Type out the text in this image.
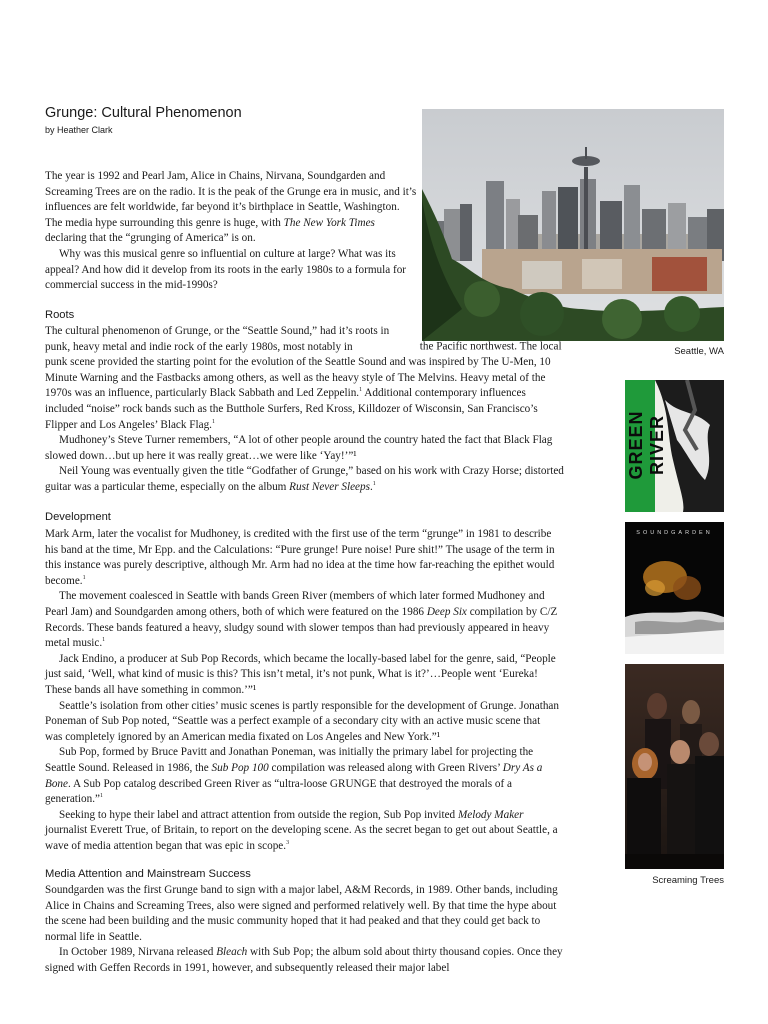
Grunge: Cultural Phenomenon
by Heather Clark

The year is 1992 and Pearl Jam, Alice in Chains, Nirvana, Soundgarden and Screaming Trees are on the radio. It is the peak of the Grunge era in music, and it’s influences are felt worldwide, far beyond it’s birthplace in Seattle, Washington. The media hype surrounding this genre is huge, with The New York Times declaring that the “grunging of America” is on.

Why was this musical genre so influential on culture at large? What was its appeal? And how did it develop from its roots in the early 1980s to a formula for commercial success in the mid-1990s?

Roots

The cultural phenomenon of Grunge, or the “Seattle Sound,” had it’s roots in punk, heavy metal and indie rock of the early 1980s, most notably in	the Pacific northwest. The local punk scene provided the starting point for the evolution of the Seattle Sound and was inspired by The U-Men, 10 Minute Warning and the Fastbacks among others, as well as the heavy style of The Melvins. Heavy metal of the 1970s was an influence, particularly Black Sabbath and Led Zeppelin.$^1$ Additional contemporary influences included “noise” rock bands such as the Butthole Surfers, Red Kross, Killdozer of Wisconsin, San Francisco’s Flipper and Los Angeles’ Black Flag.$^1$

Mudhoney’s Steve Turner remembers, “A lot of other people around the country hated the fact that Black Flag slowed down…but up here it was really great…we were like ‘Yay!’”¹

Neil Young was eventually given the title “Godfather of Grunge,” based on his work with Crazy Horse; distorted guitar was a particular theme, especially on the album Rust Never Sleeps.$^1$

Development

Mark Arm, later the vocalist for Mudhoney, is credited with the first use of the term “grunge” in 1981 to describe his band at the time, Mr Epp. and the Calculations: “Pure grunge! Pure noise! Pure shit!” The usage of the term in this instance was purely descriptive, although Mr. Arm had no idea at the time how far-reaching the epithet would become.$^1$

The movement coalesced in Seattle with bands Green River (members of which later formed Mudhoney and Pearl Jam) and Soundgarden among others, both of which were featured on the 1986 Deep Six compilation by C/Z Records. These bands featured a heavy, sludgy sound with slower tempos than had previously appeared in heavy metal music.$^1$

Jack Endino, a producer at Sub Pop Records, which became the locally-based label for the genre, said, “People just said, ‘Well, what kind of music is this? This isn’t metal, it’s not punk, What is it?’…People went ‘Eureka! These bands all have something in common.’”¹

Seattle’s isolation from other cities’ music scenes is partly responsible for the development of Grunge. Jonathan Poneman of Sub Pop noted, “Seattle was a perfect example of a secondary city with an active music scene that was completely ignored by an American media fixated on Los Angeles and New York.”¹

Sub Pop, formed by Bruce Pavitt and Jonathan Poneman, was initially the primary label for projecting the Seattle Sound. Released in 1986, the Sub Pop 100 compilation was released along with Green Rivers’ Dry As a Bone. A Sub Pop catalog described Green River as “ultra-loose GRUNGE that destroyed the morals of a generation.”$^1$

Seeking to hype their label and attract attention from outside the region, Sub Pop invited Melody Maker journalist Everett True, of Britain, to report on the developing scene. As the secret began to get out about Seattle, a wave of media attention began that was epic in scope.$^3$

Media Attention and Mainstream Success

Soundgarden was the first Grunge band to sign with a major label, A&M Records, in 1989. Other bands, including Alice in Chains and Screaming Trees, also were signed and performed relatively well. By that time the hype about the scene had been building and the music community hoped that it had peaked and that they could get back to normal life in Seattle.

In October 1989, Nirvana released Bleach with Sub Pop; the album sold about thirty thousand copies. Once they signed with Geffen Records in 1991, however, and subsequently released their major label

Seattle, WA
GREEN RIVER
SOUNDGARDEN
Screaming Trees
